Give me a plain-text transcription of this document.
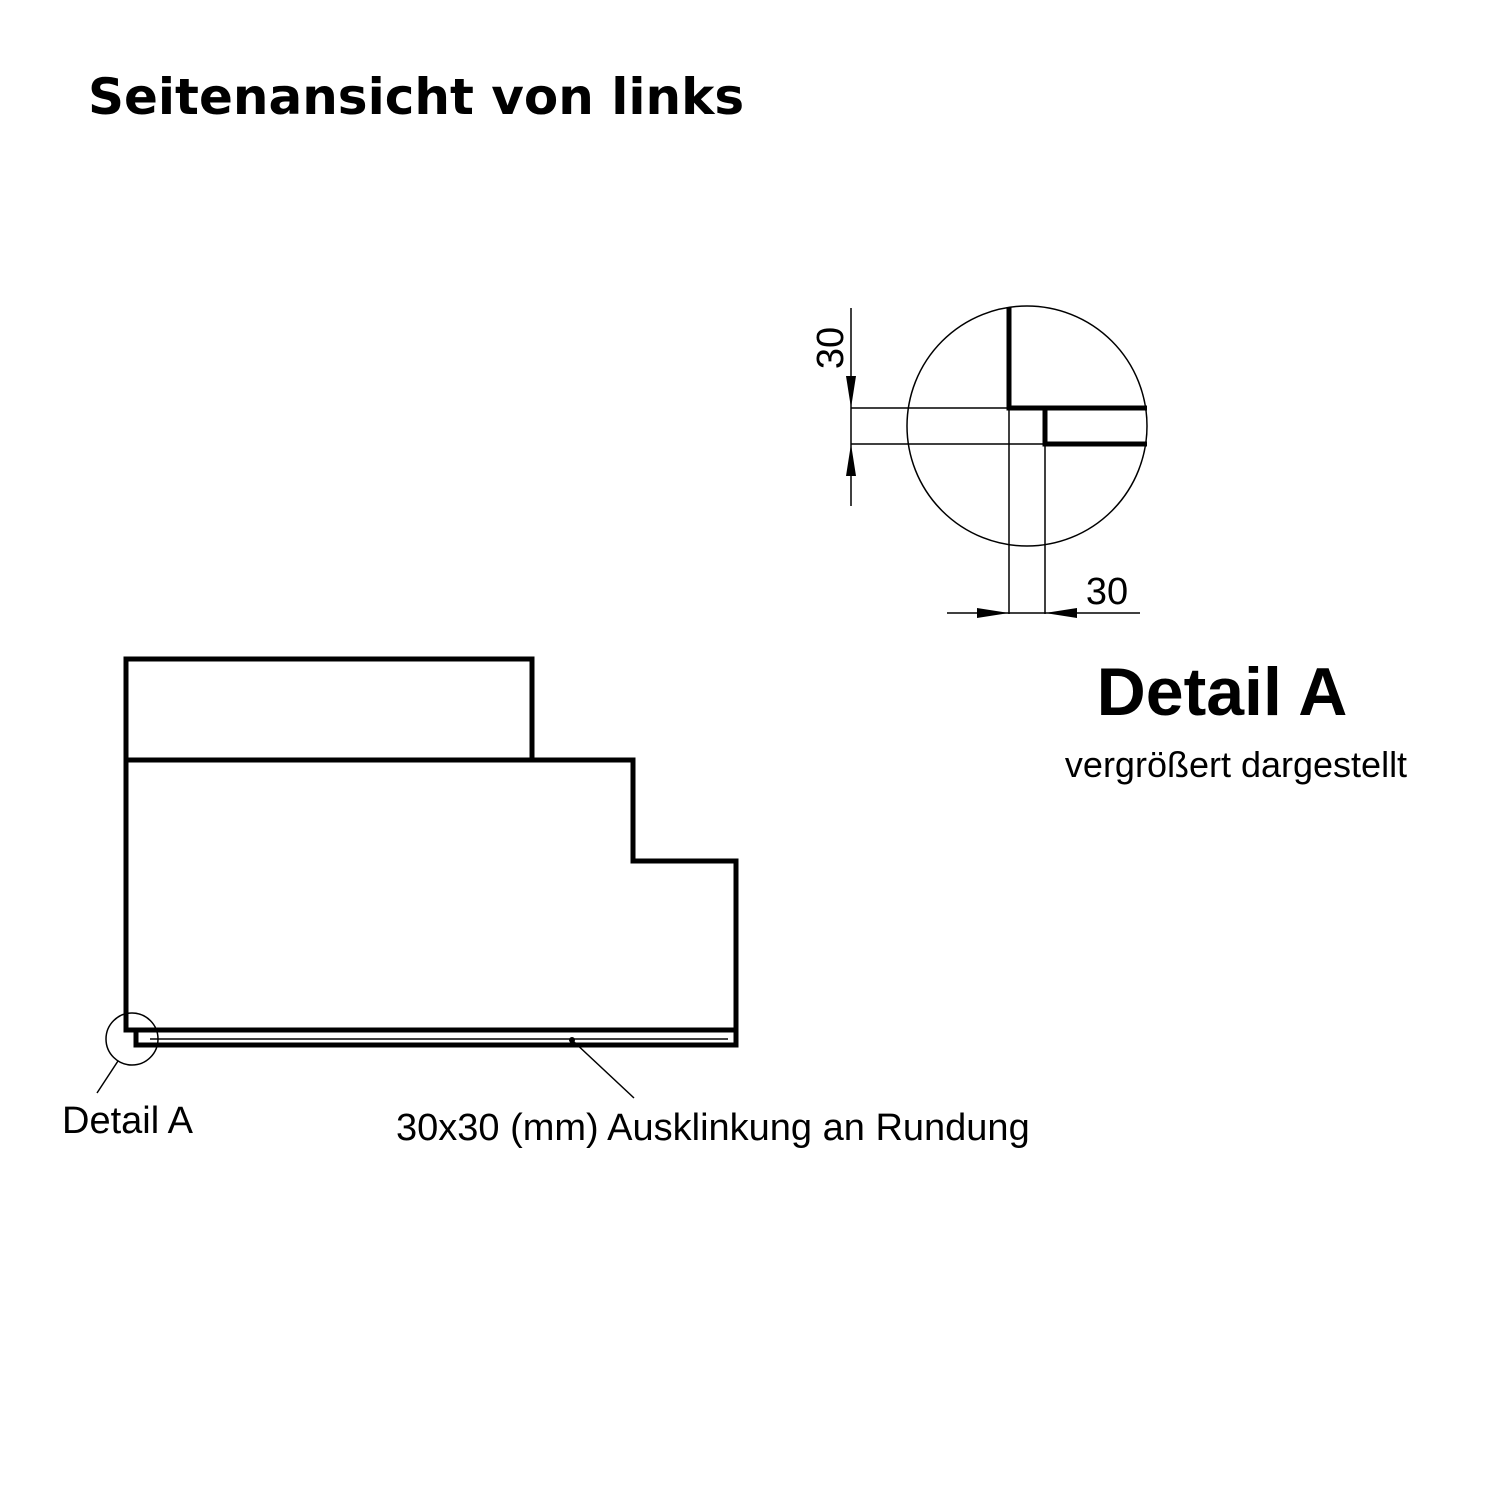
Seitenansicht von links
Detail A	30x30 (mm) Ausklinkung an Rundung
30
30
Detail A
vergrößert dargestellt
